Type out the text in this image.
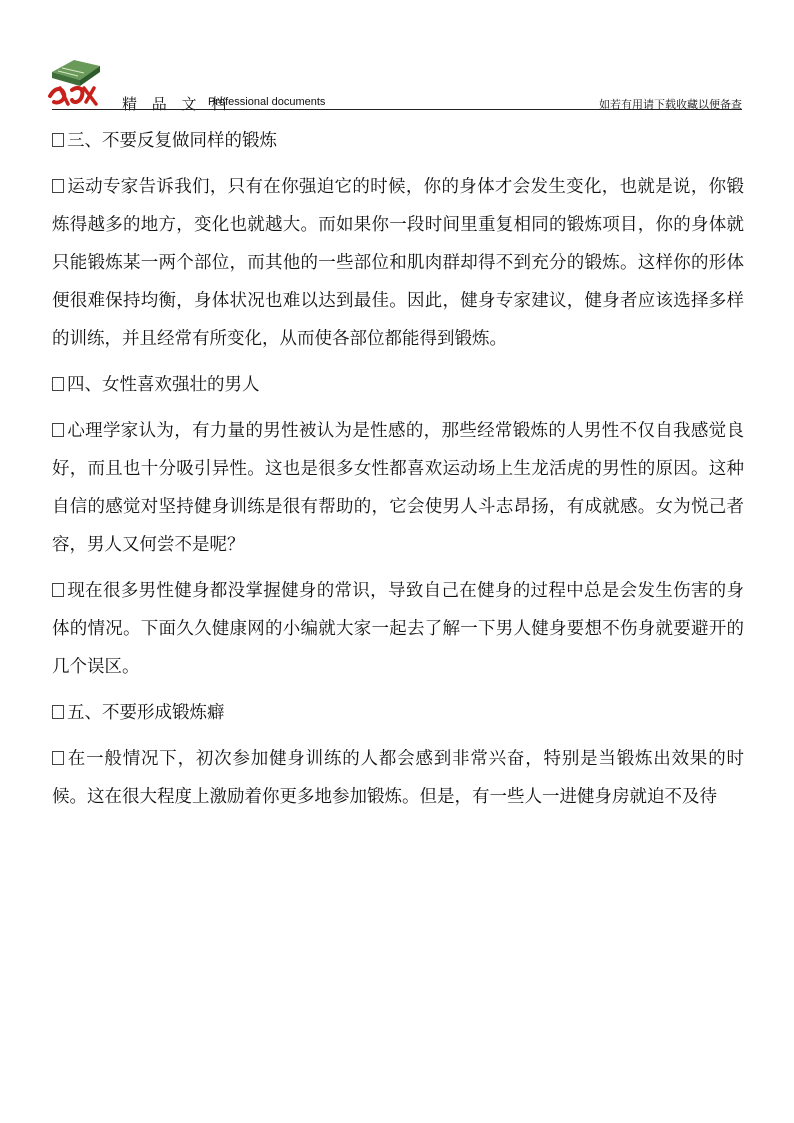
精 品 文 档
Professional documents	如若有用请下载收藏以便备查

三、不要反复做同样的锻炼

运动专家告诉我们，只有在你强迫它的时候，你的身体才会发生变化，也就是说，你锻炼得越多的地方，变化也就越大。而如果你一段时间里重复相同的锻炼项目，你的身体就只能锻炼某一两个部位，而其他的一些部位和肌肉群却得不到充分的锻炼。这样你的形体便很难保持均衡，身体状况也难以达到最佳。因此，健身专家建议，健身者应该选择多样的训练，并且经常有所变化，从而使各部位都能得到锻炼。

四、女性喜欢强壮的男人

心理学家认为，有力量的男性被认为是性感的，那些经常锻炼的人男性不仅自我感觉良好，而且也十分吸引异性。这也是很多女性都喜欢运动场上生龙活虎的男性的原因。这种自信的感觉对坚持健身训练是很有帮助的，它会使男人斗志昂扬，有成就感。女为悦己者容，男人又何尝不是呢？

现在很多男性健身都没掌握健身的常识，导致自己在健身的过程中总是会发生伤害的身体的情况。下面久久健康网的小编就大家一起去了解一下男人健身要想不伤身就要避开的几个误区。

五、不要形成锻炼癖

在一般情况下，初次参加健身训练的人都会感到非常兴奋，特别是当锻炼出效果的时候。这在很大程度上激励着你更多地参加锻炼。但是，有一些人一进健身房就迫不及待
